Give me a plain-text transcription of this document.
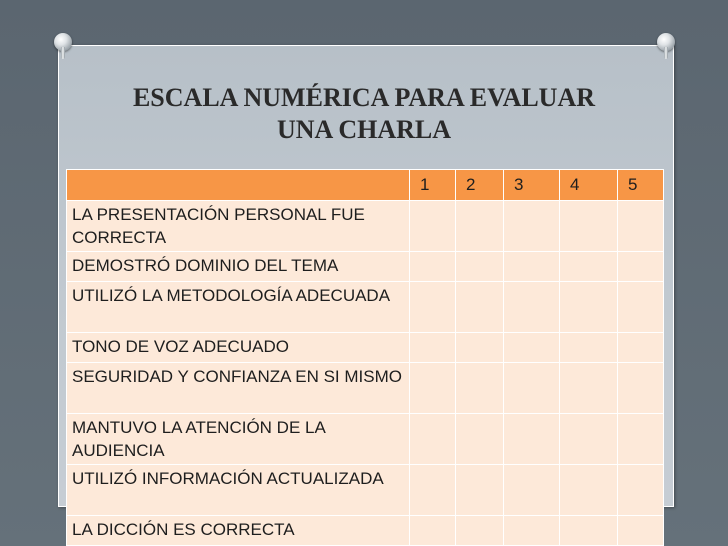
ESCALA NUMÉRICA PARA EVALUAR
UNA CHARLA
	1	2	3	4	5
LA PRESENTACIÓN PERSONAL FUE CORRECTA					
DEMOSTRÓ DOMINIO DEL TEMA					
UTILIZÓ LA METODOLOGÍA ADECUADA					
TONO DE VOZ ADECUADO					
SEGURIDAD Y CONFIANZA EN SI MISMO					
MANTUVO LA ATENCIÓN DE LA AUDIENCIA					
UTILIZÓ INFORMACIÓN ACTUALIZADA					
LA DICCIÓN ES CORRECTA					
